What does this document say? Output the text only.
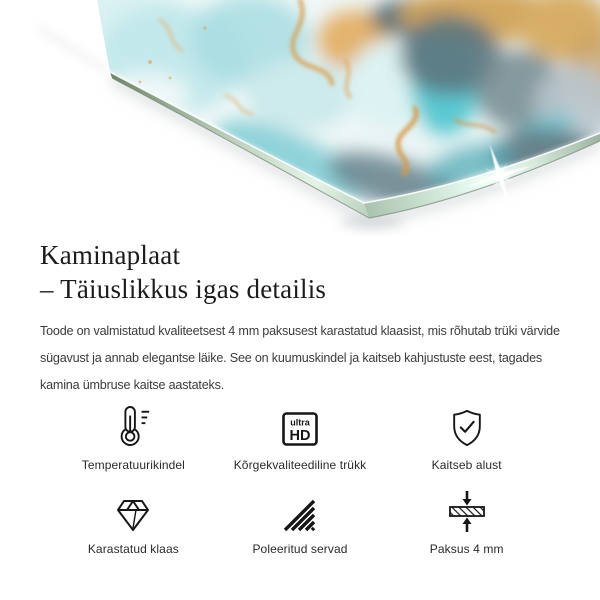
Kaminaplaat
– Täiuslikkus igas detailis
Toode on valmistatud kvaliteetsest 4 mm paksusest karastatud klaasist, mis rõhutab trüki värvide
sügavust ja annab elegantse läike. See on kuumuskindel ja kaitseb kahjustuste eest, tagades
kamina ümbruse kaitse aastateks.
Temperatuurikindel
ultra
HD
Kõrgekvaliteediline trükk	Kaitseb alust
Karastatud klaas	Poleeritud servad	Paksus 4 mm
